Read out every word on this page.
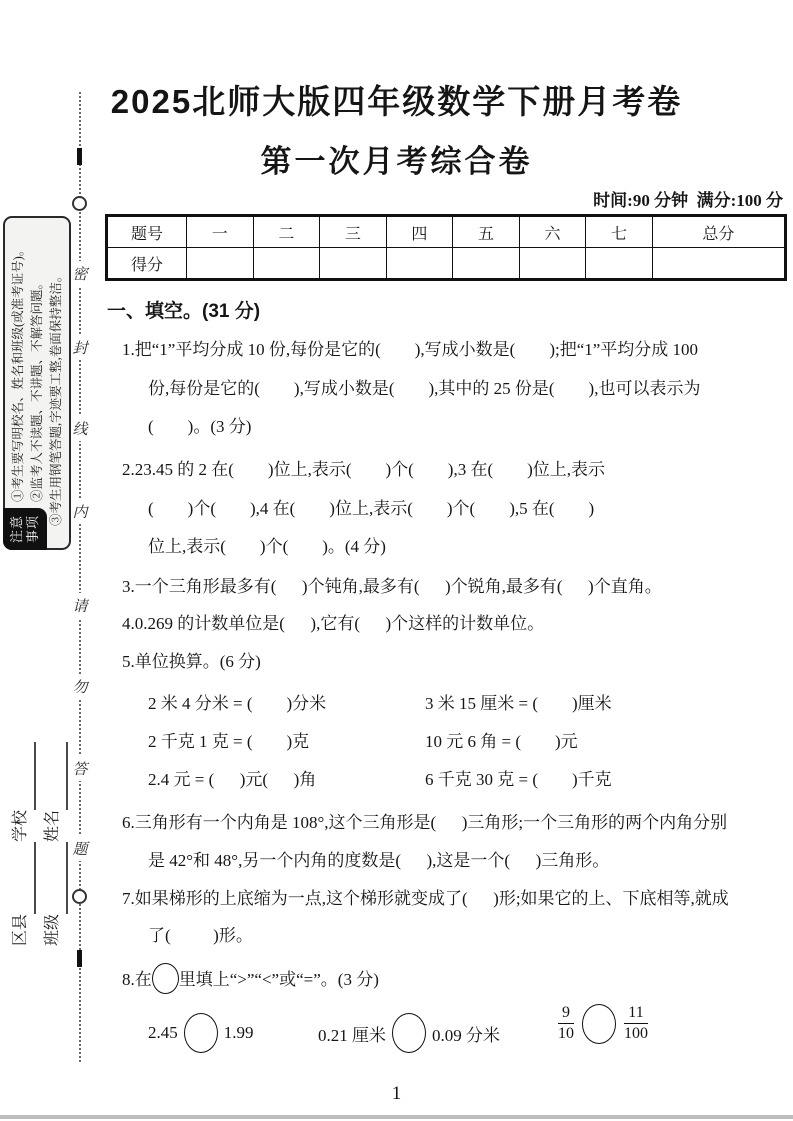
密
封
线
内
请
勿
答
题
注意 事项
①考生要写明校名、姓名和班级(或准考证号)。 ②监考人不读题、不讲题、不解答问题。 ③考生用钢笔答题,字迹要工整,卷面保持整洁。
区县学校
班级姓名
2025北师大版四年级数学下册月考卷
第一次月考综合卷
时间:90 分钟  满分:100 分
题号	一	二	三	四	五	六	七	总分
得分								
一、填空。(31 分)
1.把“1”平均分成 10 份,每份是它的(        ),写成小数是(        );把“1”平均分成 100
份,每份是它的(        ),写成小数是(        ),其中的 25 份是(        ),也可以表示为
(        )。(3 分)
2.23.45 的 2 在(        )位上,表示(        )个(        ),3 在(        )位上,表示
(        )个(        ),4 在(        )位上,表示(        )个(        ),5 在(        )
位上,表示(        )个(        )。(4 分)
3.一个三角形最多有(      )个钝角,最多有(      )个锐角,最多有(      )个直角。
4.0.269 的计数单位是(      ),它有(      )个这样的计数单位。
5.单位换算。(6 分)
2 米 4 分米 = (        )分米	3 米 15 厘米 = (        )厘米
2 千克 1 克 = (        )克	10 元 6 角 = (        )元
2.4 元 = (      )元(      )角	6 千克 30 克 = (        )千克
6.三角形有一个内角是 108°,这个三角形是(      )三角形;一个三角形的两个内角分别
是 42°和 48°,另一个内角的度数是(      ),这是一个(      )三角形。
7.如果梯形的上底缩为一点,这个梯形就变成了(      )形;如果它的上、下底相等,就成
了(          )形。
8.在 里填上“>”“<”或“=”。(3 分)
2.45	1.99	0.21 厘米	0.09 分米	$\frac{9}{10}$	$\frac{11}{100}$
1
